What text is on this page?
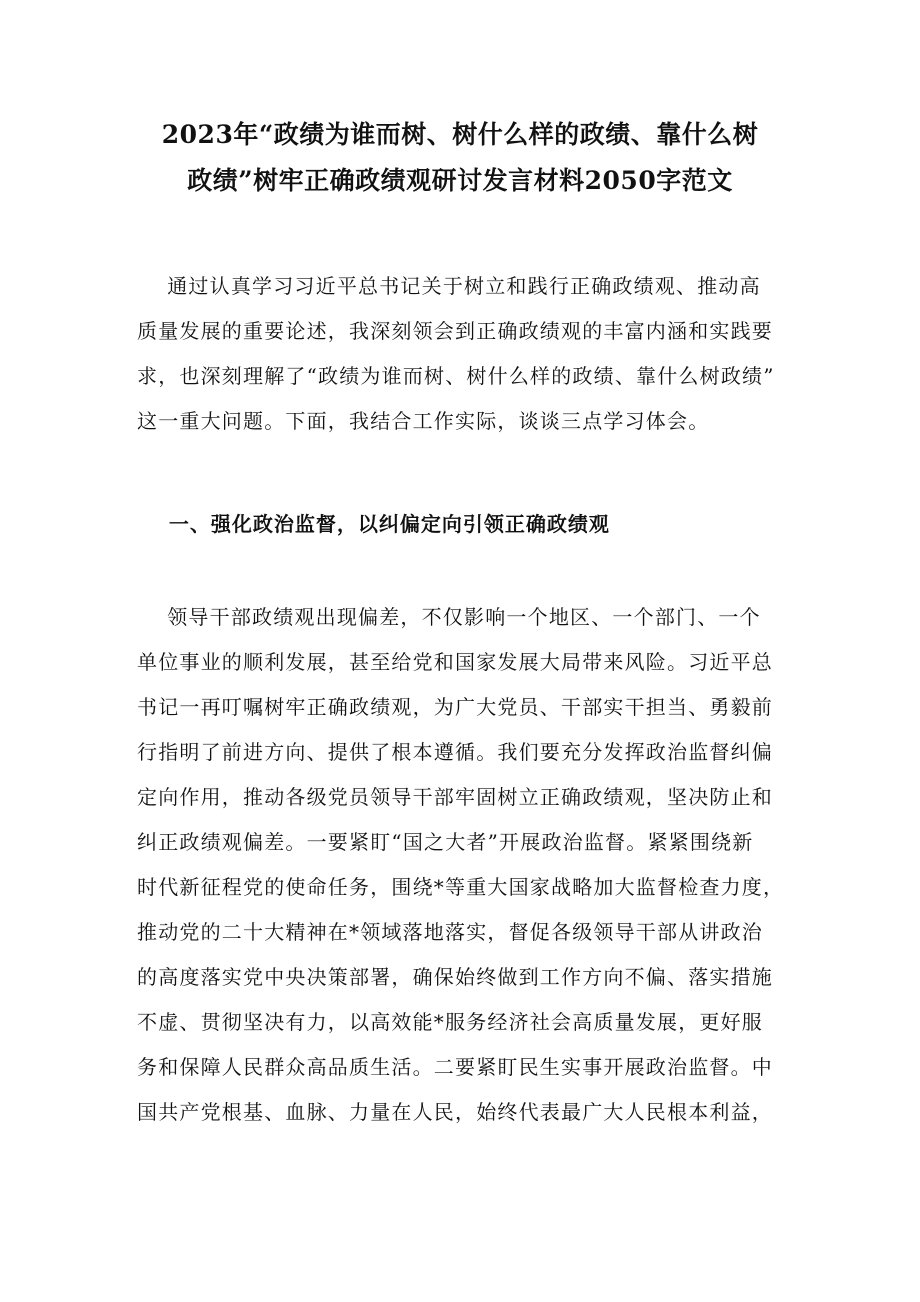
2023年“政绩为谁而树、树什么样的政绩、靠什么树
政绩”树牢正确政绩观研讨发言材料2050字范文
通过认真学习习近平总书记关于树立和践行正确政绩观、推动高
质量发展的重要论述，我深刻领会到正确政绩观的丰富内涵和实践要
求，也深刻理解了“政绩为谁而树、树什么样的政绩、靠什么树政绩”
这一重大问题。下面，我结合工作实际，谈谈三点学习体会。
一、强化政治监督，以纠偏定向引领正确政绩观
领导干部政绩观出现偏差，不仅影响一个地区、一个部门、一个
单位事业的顺利发展，甚至给党和国家发展大局带来风险。习近平总
书记一再叮嘱树牢正确政绩观，为广大党员、干部实干担当、勇毅前
行指明了前进方向、提供了根本遵循。我们要充分发挥政治监督纠偏
定向作用，推动各级党员领导干部牢固树立正确政绩观，坚决防止和
纠正政绩观偏差。一要紧盯“国之大者”开展政治监督。紧紧围绕新
时代新征程党的使命任务，围绕*等重大国家战略加大监督检查力度，
推动党的二十大精神在*领域落地落实，督促各级领导干部从讲政治
的高度落实党中央决策部署，确保始终做到工作方向不偏、落实措施
不虚、贯彻坚决有力，以高效能*服务经济社会高质量发展，更好服
务和保障人民群众高品质生活。二要紧盯民生实事开展政治监督。中
国共产党根基、血脉、力量在人民，始终代表最广大人民根本利益，
